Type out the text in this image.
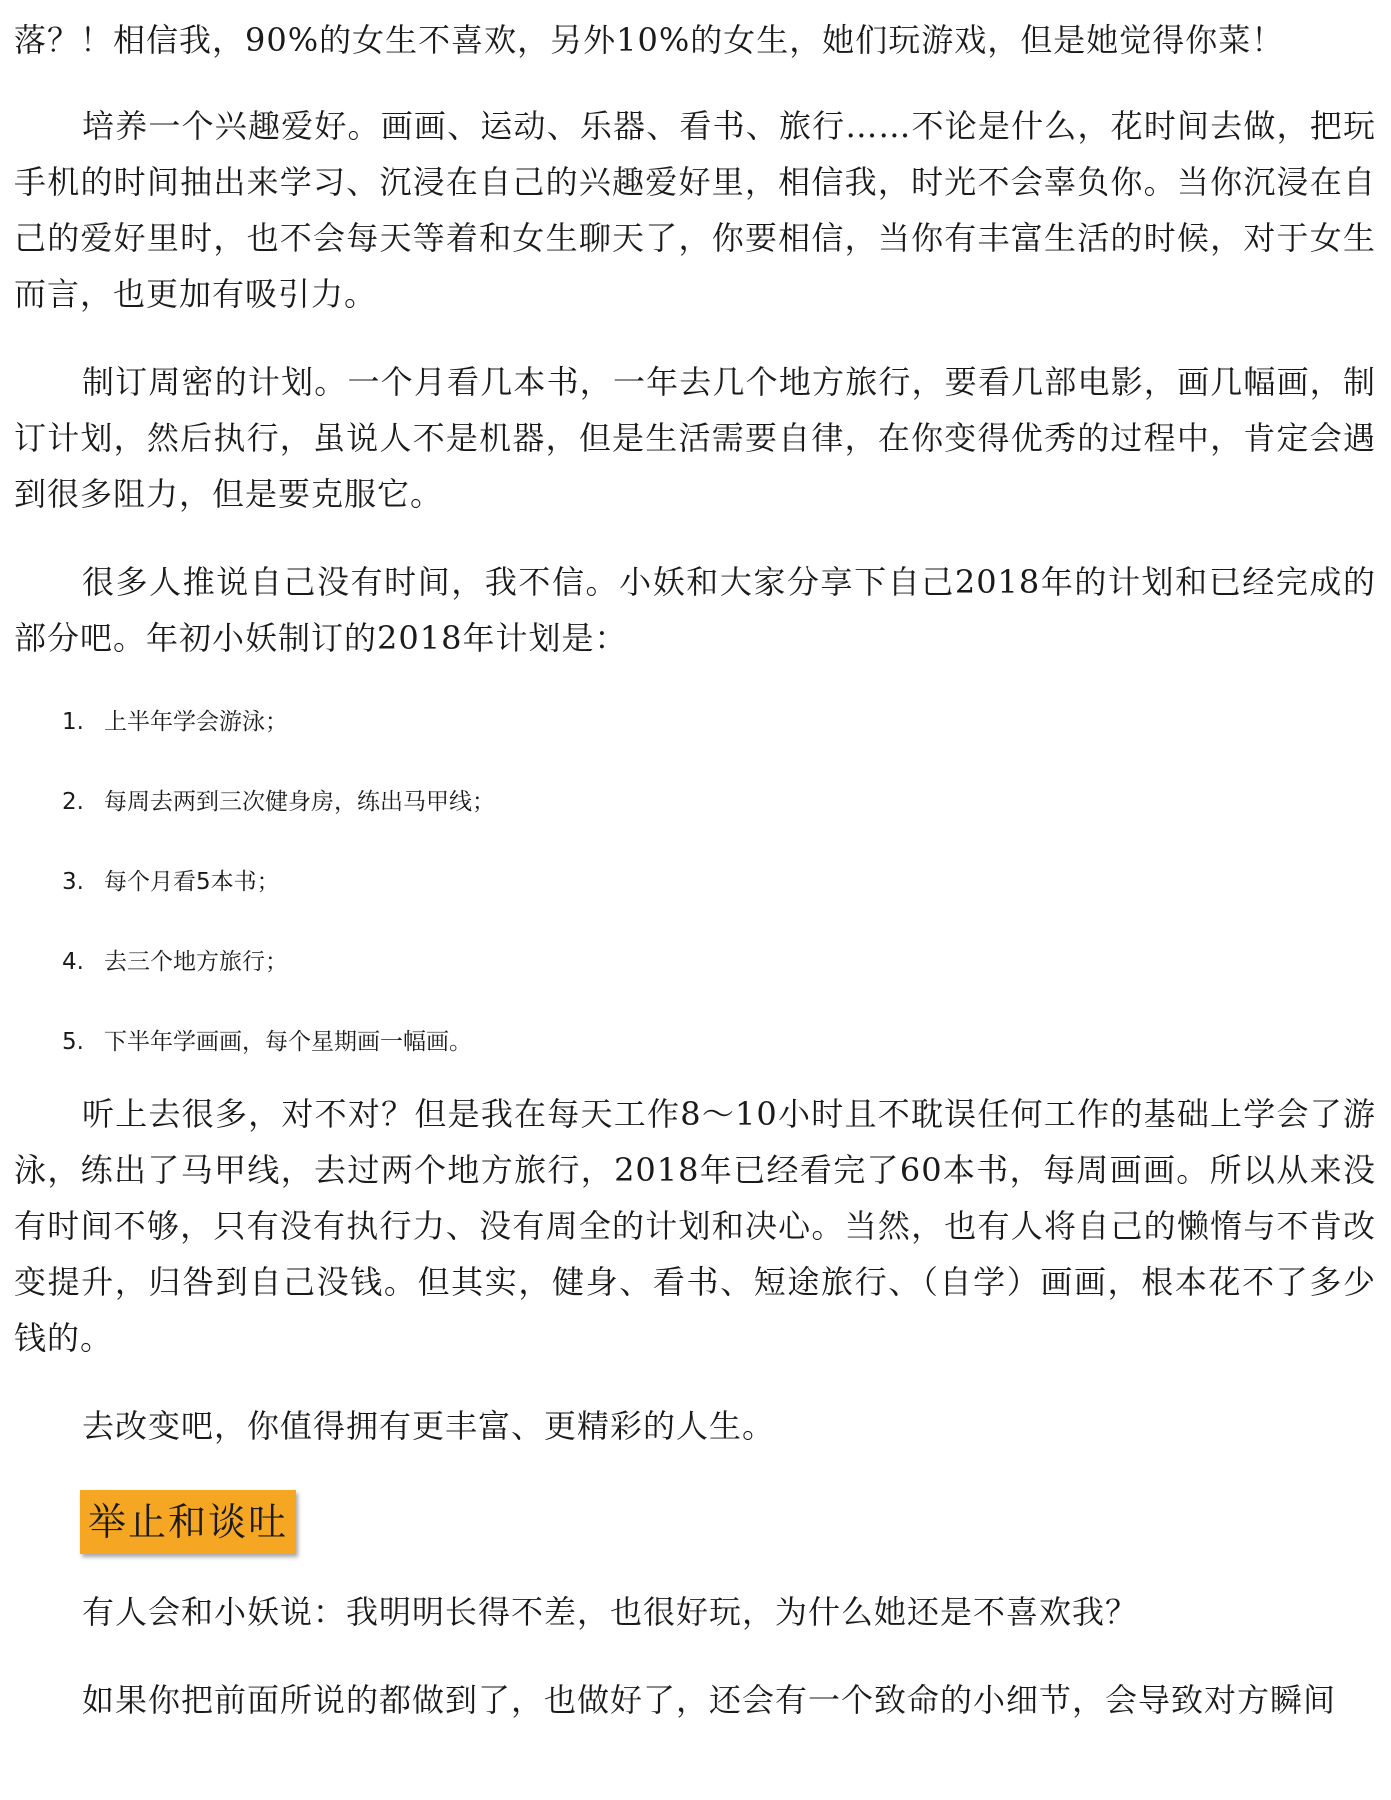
落？！相信我，90%的女生不喜欢，另外10%的女生，她们玩游戏，但是她觉得你菜！

培养一个兴趣爱好。画画、运动、乐器、看书、旅行……不论是什么，花时间去做，把玩手机的时间抽出来学习、沉浸在自己的兴趣爱好里，相信我，时光不会辜负你。当你沉浸在自己的爱好里时，也不会每天等着和女生聊天了，你要相信，当你有丰富生活的时候，对于女生而言，也更加有吸引力。

制订周密的计划。一个月看几本书，一年去几个地方旅行，要看几部电影，画几幅画，制订计划，然后执行，虽说人不是机器，但是生活需要自律，在你变得优秀的过程中，肯定会遇到很多阻力，但是要克服它。

很多人推说自己没有时间，我不信。小妖和大家分享下自己2018年的计划和已经完成的部分吧。年初小妖制订的2018年计划是：

1. 上半年学会游泳；
2. 每周去两到三次健身房，练出马甲线；
3. 每个月看5本书；
4. 去三个地方旅行；
5. 下半年学画画，每个星期画一幅画。

听上去很多，对不对？但是我在每天工作8～10小时且不耽误任何工作的基础上学会了游泳，练出了马甲线，去过两个地方旅行，2018年已经看完了60本书，每周画画。所以从来没有时间不够，只有没有执行力、没有周全的计划和决心。当然，也有人将自己的懒惰与不肯改变提升，归咎到自己没钱。但其实，健身、看书、短途旅行、（自学）画画，根本花不了多少钱的。

去改变吧，你值得拥有更丰富、更精彩的人生。

举止和谈吐

有人会和小妖说：我明明长得不差，也很好玩，为什么她还是不喜欢我？

如果你把前面所说的都做到了，也做好了，还会有一个致命的小细节，会导致对方瞬间
